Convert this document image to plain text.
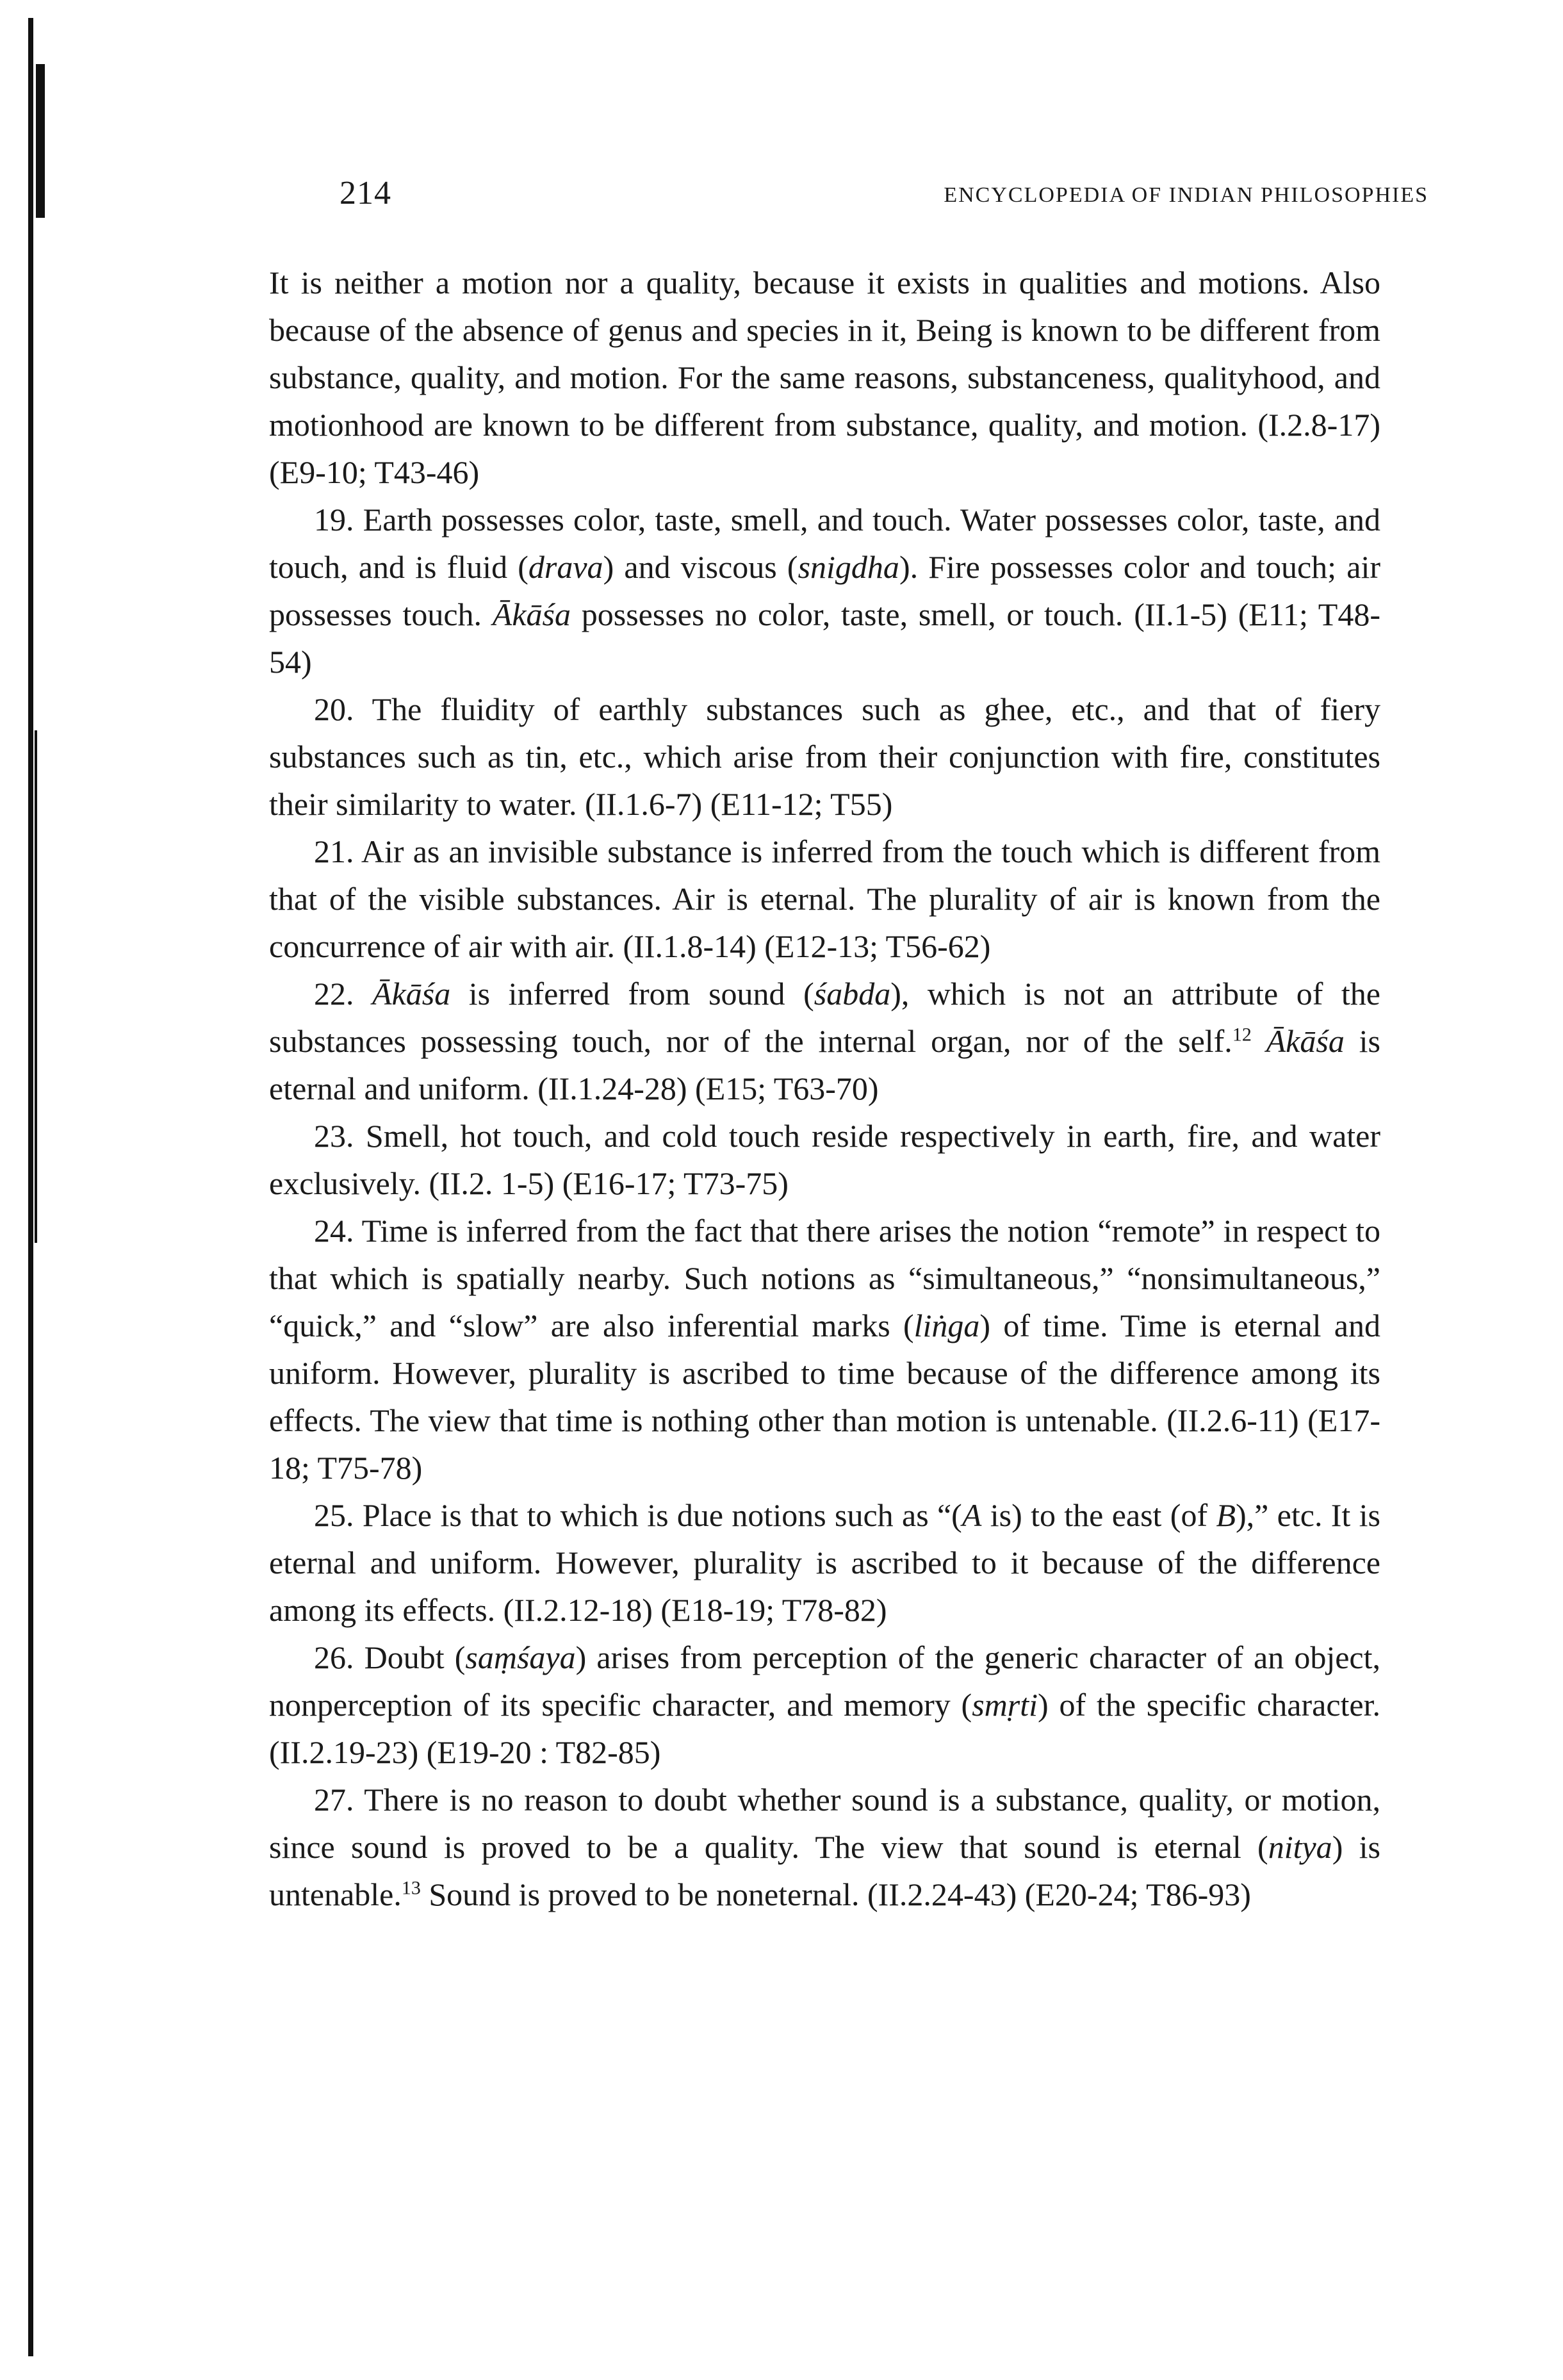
214	ENCYCLOPEDIA OF INDIAN PHILOSOPHIES

It is neither a motion nor a quality, because it exists in qualities and motions. Also because of the absence of genus and species in it, Being is known to be different from substance, quality, and motion. For the same reasons, substanceness, qualityhood, and motionhood are known to be different from substance, quality, and motion. (I.2.8-17) (E9-10; T43-46)

19. Earth possesses color, taste, smell, and touch. Water possesses color, taste, and touch, and is fluid (drava) and viscous (snigdha). Fire possesses color and touch; air possesses touch. Ākāśa possesses no color, taste, smell, or touch. (II.1-5) (E11; T48-54)

20. The fluidity of earthly substances such as ghee, etc., and that of fiery substances such as tin, etc., which arise from their conjunction with fire, constitutes their similarity to water. (II.1.6-7) (E11-12; T55)

21. Air as an invisible substance is inferred from the touch which is different from that of the visible substances. Air is eternal. The plurality of air is known from the concurrence of air with air. (II.1.8-14) (E12-13; T56-62)

22. Ākāśa is inferred from sound (śabda), which is not an attribute of the substances possessing touch, nor of the internal organ, nor of the self.$^{12}$ Ākāśa is eternal and uniform. (II.1.24-28) (E15; T63-70)

23. Smell, hot touch, and cold touch reside respectively in earth, fire, and water exclusively. (II.2. 1-5) (E16-17; T73-75)

24. Time is inferred from the fact that there arises the notion “remote” in respect to that which is spatially nearby. Such notions as “simultaneous,” “nonsimultaneous,” “quick,” and “slow” are also inferential marks (liṅga) of time. Time is eternal and uniform. However, plurality is ascribed to time because of the difference among its effects. The view that time is nothing other than motion is untenable. (II.2.6-11) (E17-18; T75-78)

25. Place is that to which is due notions such as “(A is) to the east (of B),” etc. It is eternal and uniform. However, plurality is ascribed to it because of the difference among its effects. (II.2.12-18) (E18-19; T78-82)

26. Doubt (saṃśaya) arises from perception of the generic character of an object, nonperception of its specific character, and memory (smṛti) of the specific character. (II.2.19-23) (E19-20 : T82-85)

27. There is no reason to doubt whether sound is a substance, quality, or motion, since sound is proved to be a quality. The view that sound is eternal (nitya) is untenable.$^{13}$ Sound is proved to be noneternal. (II.2.24-43) (E20-24; T86-93)
